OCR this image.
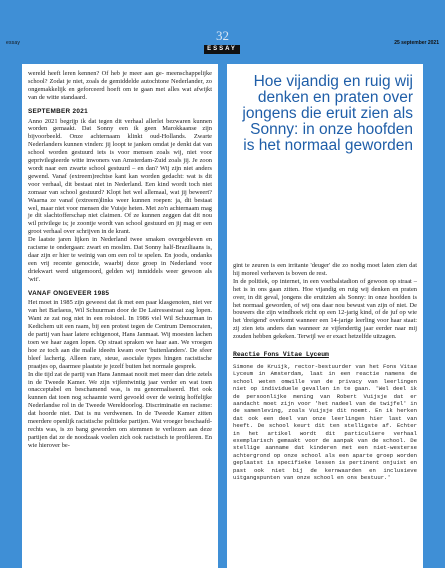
essay	32
ESSAY
25 september 2021

wereld heeft leren kennen? Of heb je meer aan ge- meenschappelijke school? Zodat je niet, zoals de gemiddelde autochtone Nederlander, zo ongemakkelijk en geforceerd hoeft om te gaan met alles wat afwijkt van de witte standaard.

SEPTEMBER 2021

Anno 2021 begrijp ik dat tegen dit verhaal allerlei bezwaren kunnen worden gemaakt. Dat Sonny een ik geen Marokkaanse zijn bijvoorbeeld. Onze achternaam klinkt oud-Hollands. Zwarte Nederlanders kunnen vinden: jij loopt te janken omdat je denkt dat van school worden gestuurd iets is voor mensen zoals wij, niet voor geprivilegieerde witte inwoners van Amsterdam-Zuid zoals jij. Je zoon wordt naar een zwarte school gestuurd – en dan? Wij zijn niet anders gewend. Vanaf (extreem)rechtse kant kan worden gedacht: wat is dit voor verhaal, dit bestaat niet in Nederland. Een kind wordt toch niet zomaar van school gestuurd? Klopt het wel allemaal, wat jij beweert? Waarna ze vanaf (extreem)links weer kunnen roepen: ja, dit bestaat wel, maar niet voor mensen die Vuisje heten. Met zo'n achternaam mag je dit slachtofferschap niet claimen. Of ze kunnen zeggen dat dit nou wil privilege is; je zoontje wordt van school gestuurd en jij mag er een groot verhaal over schrijven in de krant.

De laatste jaren lijken in Nederland twee smaken overgebleven en racisme te ondergaan: zwart en moslim. Dat Sonny half-Braziliaans is, daar zijn er hier te weinig van om een rol te spelen. En joods, ondanks een vrij recente genocide, waarbij deze groep in Nederland voor driekwart werd uitgemoord, gelden wij inmiddels weer gewoon als 'wit'.

VANAF ONGEVEER 1985

Het moet in 1985 zijn geweest dat ik met een paar klasgenoten, niet ver van het Barlaeus, Wil Schuurman door de De Lairessestraat zag lopen. Want ze zat nog niet in een rolstoel. In 1986 viel Wil Schuurman in Kedichem uit een raam, bij een protest tegen de Centrum Democraten, de partij van haar latere echtgenoot, Hans Janmaat. Wij moesten lachen toen we haar zagen lopen. Op straat spraken we haar aan. We vroegen hoe ze toch aan die malle ideeën kwam over 'buitenlanders'. De sfeer bleef lacherig. Alleen rare, steue, asociale types hingen racistische praatjes op, daarmee plaatste je jezelf buiten het normale gesprek.

In die tijd zat de partij van Hans Janmaat nooit met meer dan drie zetels in de Tweede Kamer. We zijn vijfentwintig jaar verder en wat toen onacceptabel en beschamend was, is nu genormaliseerd. Het ook kunnen dat toen nog schaamte werd gevoeld over de weinig hoffelijke Nederlandse rol in de Tweede Wereldoorlog. Discriminatie en racisme: dat hoorde niet. Dat is nu verdwenen. In de Tweede Kamer zitten meerdere openlijk racistische politieke partijen. Wat vroeger beschaafd-rechts was, is zo bang geworden om stemmen te verliezen aan deze partijen dat ze de noodzaak voelen zich ook racistisch te profileren. En wie hierover be-

Hoe vijandig en ruig wij denken en praten over jongens die eruit zien als Sonny: in onze hoofden is het normaal geworden

gint te zeuren is een irritante 'deuger' die zo nodig moet laten zien dat hij moreel verheven is boven de rest.

In de politiek, op internet, in een voetbalstadion of gewoon op straat – het is in ons gaan zitten. Hoe vijandig en ruig wij denken en praten over, in dit geval, jongens die eruitzien als Sonny: in onze hoofden is het normaal geworden, of wij ons daar nou bewust van zijn of niet. De bouwers die zijn windhoek richt op een 12-jarig kind, of de juf op wie het 'dreigend' overkomt wanneer een 14-jarige leerling voor haar staat: zij zien iets anders dan wanneer ze vijfendertig jaar eerder naar mij zouden hebben gekeken. Terwijl we er exact hetzelfde uitzagen.

Reactie Fons Vitae Lyceum

Simone de Kruijk, rector-bestuurder van het Fons Vitae Lyceum in Amsterdam, laat in een reactie namens de school weten omwille van de privacy van leerlingen niet op individuele gevallen in te gaan. 'Wel deel ik de persoonlijke mening van Robert Vuijsje dat er aandacht moet zijn voor 'het nadeel van de twijfel' in de samenleving, zoals Vuijsje dit noemt. En ik herken dat ook een deel van onze leerlingen hier last van heeft. De school keurt dit ten stelligste af. Echter in het artikel wordt dit particuliere verhaal exemplarisch gemaakt voor de aanpak van de school. De stellige aanname dat kinderen met een niet-westerse achtergrond op onze school als een aparte groep worden geplaatst is specifieke lessen is pertinent onjuist en past ook niet bij de kernwaarden en inclusieve uitgangspunten van onze school en ons bestuur.'
